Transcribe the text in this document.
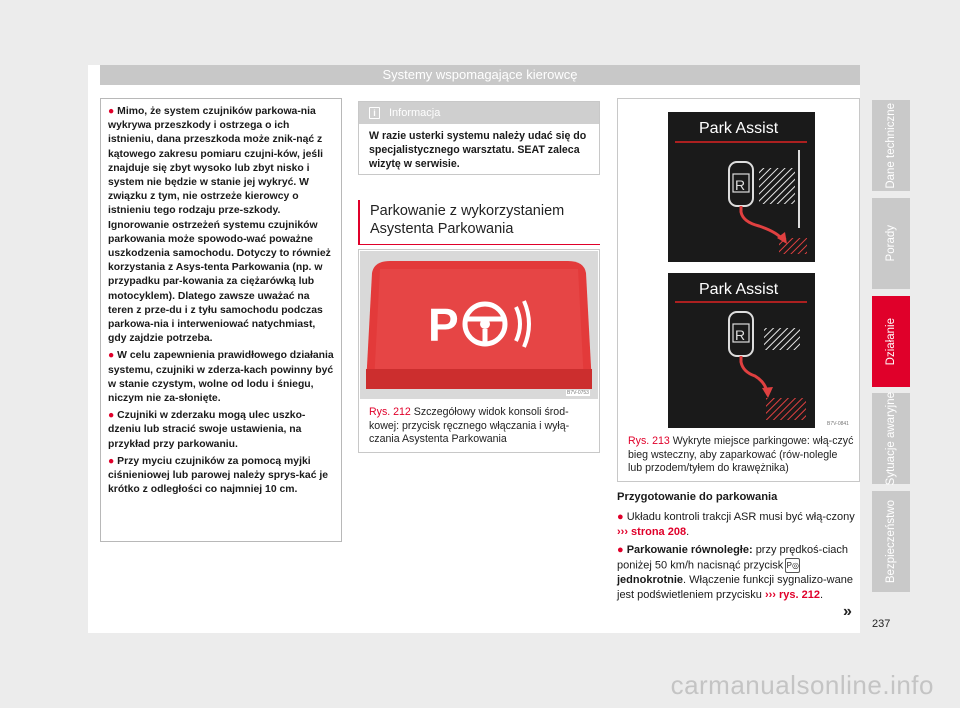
Systemy wspomagające kierowcę

● Mimo, że system czujników parkowa-nia wykrywa przeszkody i ostrzega o ich istnieniu, dana przeszkoda może znik-nąć z kątowego zakresu pomiaru czujni-ków, jeśli znajduje się zbyt wysoko lub zbyt nisko i system nie będzie w stanie jej wykryć. W związku z tym, nie ostrzeże kierowcy o istnieniu tego rodzaju prze-szkody. Ignorowanie ostrzeżeń systemu czujników parkowania może spowodo-wać poważne uszkodzenia samochodu. Dotyczy to również korzystania z Asys-tenta Parkowania (np. w przypadku par-kowania za ciężarówką lub motocyklem). Dlatego zawsze uważać na teren z prze-du i z tyłu samochodu podczas parkowa-nia i interweniować natychmiast, gdy zajdzie potrzeba.

● W celu zapewnienia prawidłowego działania systemu, czujniki w zderza-kach powinny być w stanie czystym, wolne od lodu i śniegu, niczym nie za-słonięte.

● Czujniki w zderzaku mogą ulec uszko-dzeniu lub stracić swoje ustawienia, na przykład przy parkowaniu.

● Przy myciu czujników za pomocą myjki ciśnieniowej lub parowej należy sprys-kać je krótko z odległości co najmniej 10 cm.

i	Informacja
W razie usterki systemu należy udać się do specjalistycznego warsztatu. SEAT zaleca wizytę w serwisie.
Parkowanie z wykorzystaniem Asystenta Parkowania
P
B7V-0753
Rys. 212 Szczegółowy widok konsoli środ-kowej: przycisk ręcznego włączania i wyłą-czania Asystenta Parkowania
R
R
Park Assist
Park Assist
B7V-0841
Rys. 213 Wykryte miejsce parkingowe: włą-czyć bieg wsteczny, aby zaparkować (rów-nolegle lub przodem/tyłem do krawężnika)

Przygotowanie do parkowania

● Układu kontroli trakcji ASR musi być włą-czony ››› strona 208.

● Parkowanie równoległe: przy prędkoś-ciach poniżej 50 km/h nacisnąć przycisk P◎ jednokrotnie. Włączenie funkcji sygnalizo-wane jest podświetleniem przycisku ››› rys. 212.

»
237
Dane techniczne
Porady
Działanie
Sytuacje awaryjne
Bezpieczeństwo
carmanualsonline.info
